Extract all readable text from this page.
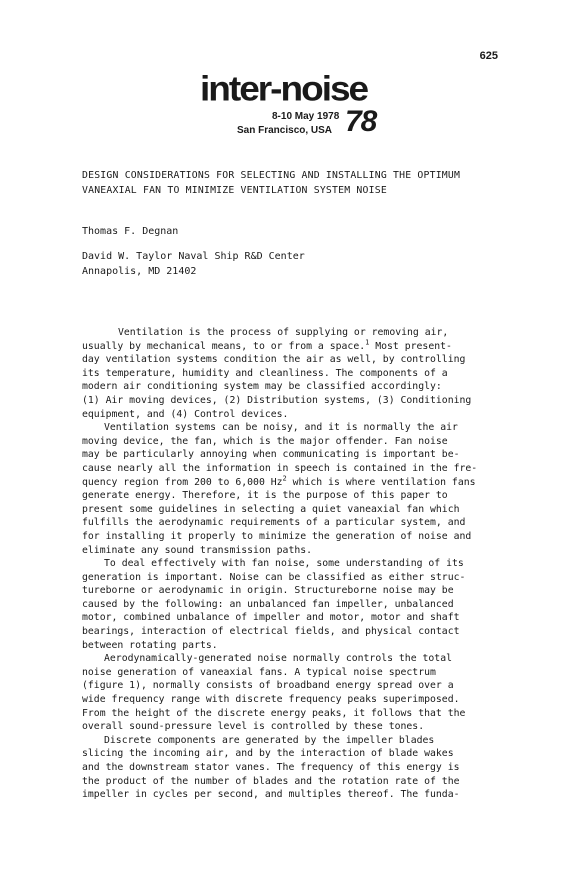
625
inter-noise
8-10 May 1978
San Francisco, USA 78
DESIGN CONSIDERATIONS FOR SELECTING AND INSTALLING THE OPTIMUM
VANEAXIAL FAN TO MINIMIZE VENTILATION SYSTEM NOISE
Thomas F. Degnan
David W. Taylor Naval Ship R&D Center
Annapolis, MD 21402
Ventilation is the process of supplying or removing air,
usually by mechanical means, to or from a space.$^1$ Most present-
day ventilation systems condition the air as well, by controlling
its temperature, humidity and cleanliness. The components of a
modern air conditioning system may be classified accordingly:
(1) Air moving devices, (2) Distribution systems, (3) Conditioning
equipment, and (4) Control devices.
Ventilation systems can be noisy, and it is normally the air
moving device, the fan, which is the major offender. Fan noise
may be particularly annoying when communicating is important be-
cause nearly all the information in speech is contained in the fre-
quency region from 200 to 6,000 Hz$^2$ which is where ventilation fans
generate energy. Therefore, it is the purpose of this paper to
present some guidelines in selecting a quiet vaneaxial fan which
fulfills the aerodynamic requirements of a particular system, and
for installing it properly to minimize the generation of noise and
eliminate any sound transmission paths.
To deal effectively with fan noise, some understanding of its
generation is important. Noise can be classified as either struc-
tureborne or aerodynamic in origin. Structureborne noise may be
caused by the following: an unbalanced fan impeller, unbalanced
motor, combined unbalance of impeller and motor, motor and shaft
bearings, interaction of electrical fields, and physical contact
between rotating parts.
Aerodynamically-generated noise normally controls the total
noise generation of vaneaxial fans. A typical noise spectrum
(figure 1), normally consists of broadband energy spread over a
wide frequency range with discrete frequency peaks superimposed.
From the height of the discrete energy peaks, it follows that the
overall sound-pressure level is controlled by these tones.
Discrete components are generated by the impeller blades
slicing the incoming air, and by the interaction of blade wakes
and the downstream stator vanes. The frequency of this energy is
the product of the number of blades and the rotation rate of the
impeller in cycles per second, and multiples thereof. The funda-
